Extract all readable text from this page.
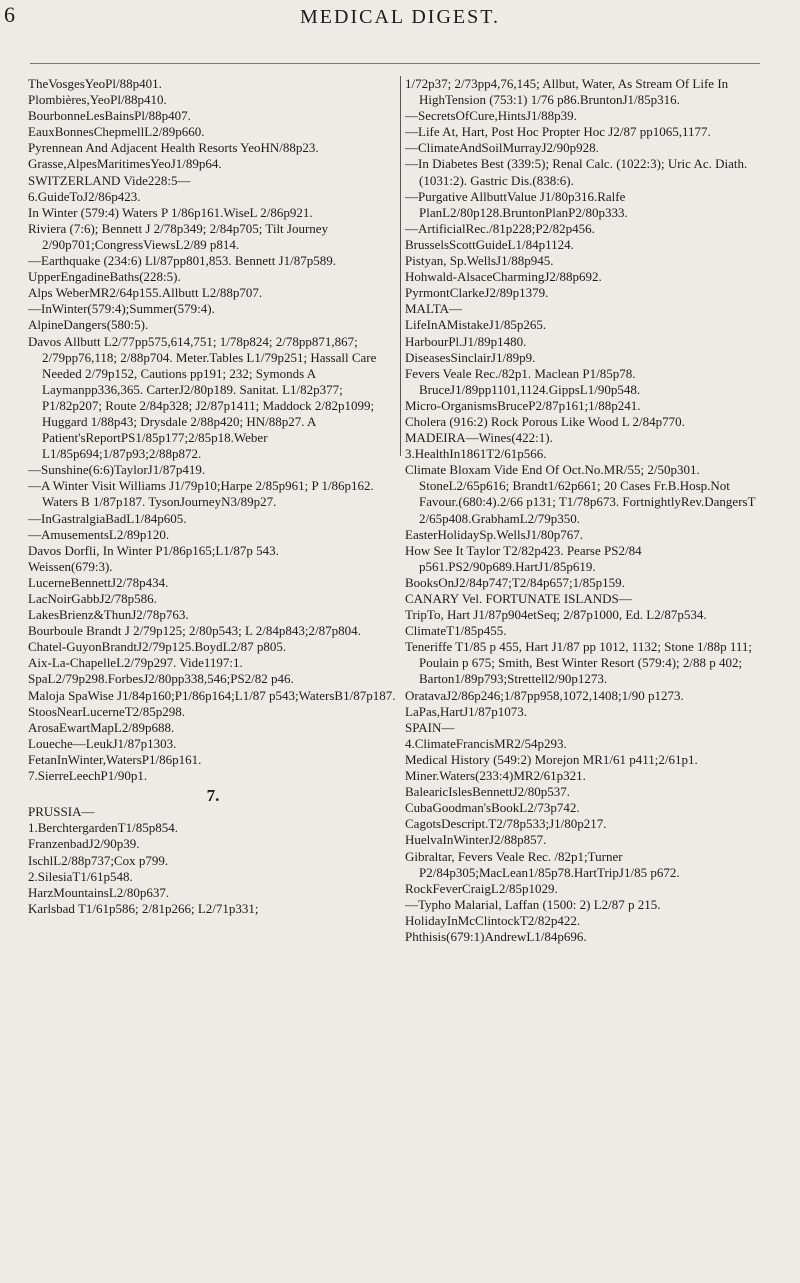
6	MEDICAL DIGEST.

TheVosgesYeoPl/88p401.

Plombières,YeoPl/88p410.

BourbonneLesBainsPl/88p407.

EauxBonnesChepmellL2/89p660.

Pyrennean And Adjacent Health Resorts YeoHN/88p23.

Grasse,AlpesMaritimesYeoJ1/89p64.

SWITZERLAND Vide228:5—

6.GuideToJ2/86p423.

In Winter (579:4) Waters P 1/86p161.WiseL 2/86p921.

Riviera (7:6); Bennett J 2/78p349; 2/84p705; Tilt Journey 2/90p701;CongressViewsL2/89 p814.

—Earthquake (234:6) Ll/87pp801,853. Bennett J1/87p589.

UpperEngadineBaths(228:5).

Alps WeberMR2/64p155.Allbutt L2/88p707.

—InWinter(579:4);Summer(579:4).

AlpineDangers(580:5).

Davos Allbutt L2/77pp575,614,751; 1/78p824; 2/78pp871,867; 2/79pp76,118; 2/88p704. Meter.Tables L1/79p251; Hassall Care Needed 2/79p152, Cautions pp191; 232; Symonds A Laymanpp336,365. CarterJ2/80p189. Sanitat. L1/82p377; P1/82p207; Route 2/84p328; J2/87p1411; Maddock 2/82p1099; Huggard 1/88p43; Drysdale 2/88p420; HN/88p27. A Patient'sReportPS1/85p177;2/85p18.Weber L1/85p694;1/87p93;2/88p872.

—Sunshine(6:6)TaylorJ1/87p419.

—A Winter Visit Williams J1/79p10;Harpe 2/85p961; P 1/86p162. Waters B 1/87p187. TysonJourneyN3/89p27.

—InGastralgiaBadL1/84p605.

—AmusementsL2/89p120.

Davos Dorfli, In Winter P1/86p165;L1/87p 543.

Weissen(679:3).

LucerneBennettJ2/78p434.

LacNoirGabbJ2/78p586.

LakesBrienz&ThunJ2/78p763.

Bourboule Brandt J 2/79p125; 2/80p543; L 2/84p843;2/87p804.

Chatel-GuyonBrandtJ2/79p125.BoydL2/87 p805.

Aix-La-ChapelleL2/79p297. Vide1197:1.

SpaL2/79p298.ForbesJ2/80pp338,546;PS2/82 p46.

Maloja SpaWise J1/84p160;P1/86p164;L1/87 p543;WatersB1/87p187.

StoosNearLucerneT2/85p298.

ArosaEwartMapL2/89p688.

Loueche—LeukJ1/87p1303.

FetanInWinter,WatersP1/86p161.

7.SierreLeechP1/90p1.

7.

PRUSSIA—

1.BerchtergardenT1/85p854.

FranzenbadJ2/90p39.

IschlL2/88p737;Cox p799.

2.SilesiaT1/61p548.

HarzMountainsL2/80p637.

Karlsbad T1/61p586; 2/81p266; L2/71p331;

1/72p37; 2/73pp4,76,145; Allbut, Water, As Stream Of Life In HighTension (753:1) 1/76 p86.BruntonJ1/85p316.

—SecretsOfCure,HintsJ1/88p39.

—Life At, Hart, Post Hoc Propter Hoc J2/87 pp1065,1177.

—ClimateAndSoilMurrayJ2/90p928.

—In Diabetes Best (339:5); Renal Calc. (1022:3); Uric Ac. Diath. (1031:2). Gastric Dis.(838:6).

—Purgative AllbuttValue J1/80p316.Ralfe PlanL2/80p128.BruntonPlanP2/80p333.

—ArtificialRec./81p228;P2/82p456.

BrusselsScottGuideL1/84p1124.

Pistyan, Sp.WellsJ1/88p945.

Hohwald-AlsaceCharmingJ2/88p692.

PyrmontClarkeJ2/89p1379.

MALTA—

LifeInAMistakeJ1/85p265.

HarbourPl.J1/89p1480.

DiseasesSinclairJ1/89p9.

Fevers Veale Rec./82p1. Maclean P1/85p78. BruceJ1/89pp1101,1124.GippsL1/90p548.

Micro-OrganismsBruceP2/87p161;1/88p241.

Cholera (916:2) Rock Porous Like Wood L 2/84p770.

MADEIRA—Wines(422:1).

3.HealthIn1861T2/61p566.

Climate Bloxam Vide End Of Oct.No.MR/55; 2/50p301. StoneL2/65p616; Brandt1/62p661; 20 Cases Fr.B.Hosp.Not Favour.(680:4).2/66 p131; T1/78p673. FortnightlyRev.DangersT 2/65p408.GrabhamL2/79p350.

EasterHolidaySp.WellsJ1/80p767.

How See It Taylor T2/82p423. Pearse PS2/84 p561.PS2/90p689.HartJ1/85p619.

BooksOnJ2/84p747;T2/84p657;1/85p159.

CANARY Vel. FORTUNATE ISLANDS—

TripTo, Hart J1/87p904etSeq; 2/87p1000, Ed. L2/87p534.

ClimateT1/85p455.

Teneriffe T1/85 p 455, Hart J1/87 pp 1012, 1132; Stone 1/88p 111; Poulain p 675; Smith, Best Winter Resort (579:4); 2/88 p 402; Barton1/89p793;Strettell2/90p1273.

OratavaJ2/86p246;1/87pp958,1072,1408;1/90 p1273.

LaPas,HartJ1/87p1073.

SPAIN—

4.ClimateFrancisMR2/54p293.

Medical History (549:2) Morejon MR1/61 p411;2/61p1.

Miner.Waters(233:4)MR2/61p321.

BalearicIslesBennettJ2/80p537.

CubaGoodman'sBookL2/73p742.

CagotsDescript.T2/78p533;J1/80p217.

HuelvaInWinterJ2/88p857.

Gibraltar, Fevers Veale Rec. /82p1;Turner P2/84p305;MacLean1/85p78.HartTripJ1/85 p672.

RockFeverCraigL2/85p1029.

—Typho Malarial, Laffan (1500: 2) L2/87 p 215.

HolidayInMcClintockT2/82p422.

Phthisis(679:1)AndrewL1/84p696.
